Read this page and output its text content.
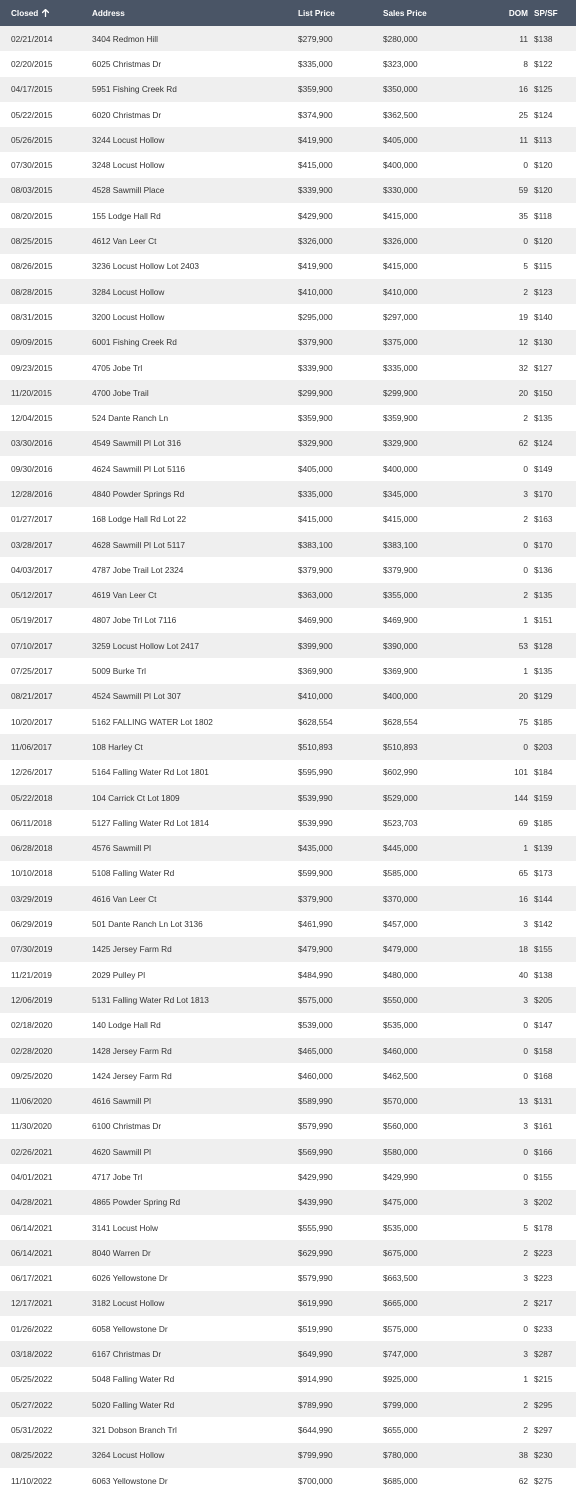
Closed	Address	List Price	Sales Price	DOM	SP/SF
02/21/2014	3404 Redmon Hill	$279,900	$280,000	11	$138
02/20/2015	6025 Christmas Dr	$335,000	$323,000	8	$122
04/17/2015	5951 Fishing Creek Rd	$359,900	$350,000	16	$125
05/22/2015	6020 Christmas Dr	$374,900	$362,500	25	$124
05/26/2015	3244 Locust Hollow	$419,900	$405,000	11	$113
07/30/2015	3248 Locust Hollow	$415,000	$400,000	0	$120
08/03/2015	4528 Sawmill Place	$339,900	$330,000	59	$120
08/20/2015	155 Lodge Hall Rd	$429,900	$415,000	35	$118
08/25/2015	4612 Van Leer Ct	$326,000	$326,000	0	$120
08/26/2015	3236 Locust Hollow Lot 2403	$419,900	$415,000	5	$115
08/28/2015	3284 Locust Hollow	$410,000	$410,000	2	$123
08/31/2015	3200 Locust Hollow	$295,000	$297,000	19	$140
09/09/2015	6001 Fishing Creek Rd	$379,900	$375,000	12	$130
09/23/2015	4705 Jobe Trl	$339,900	$335,000	32	$127
11/20/2015	4700 Jobe Trail	$299,900	$299,900	20	$150
12/04/2015	524 Dante Ranch Ln	$359,900	$359,900	2	$135
03/30/2016	4549 Sawmill Pl Lot 316	$329,900	$329,900	62	$124
09/30/2016	4624 Sawmill Pl Lot 5116	$405,000	$400,000	0	$149
12/28/2016	4840 Powder Springs Rd	$335,000	$345,000	3	$170
01/27/2017	168 Lodge Hall Rd Lot 22	$415,000	$415,000	2	$163
03/28/2017	4628 Sawmill Pl Lot 5117	$383,100	$383,100	0	$170
04/03/2017	4787 Jobe Trail Lot 2324	$379,900	$379,900	0	$136
05/12/2017	4619 Van Leer Ct	$363,000	$355,000	2	$135
05/19/2017	4807 Jobe Trl Lot 7116	$469,900	$469,900	1	$151
07/10/2017	3259 Locust Hollow Lot 2417	$399,900	$390,000	53	$128
07/25/2017	5009 Burke Trl	$369,900	$369,900	1	$135
08/21/2017	4524 Sawmill Pl Lot 307	$410,000	$400,000	20	$129
10/20/2017	5162 FALLING WATER Lot 1802	$628,554	$628,554	75	$185
11/06/2017	108 Harley Ct	$510,893	$510,893	0	$203
12/26/2017	5164 Falling Water Rd Lot 1801	$595,990	$602,990	101	$184
05/22/2018	104 Carrick Ct Lot 1809	$539,990	$529,000	144	$159
06/11/2018	5127 Falling Water Rd Lot 1814	$539,990	$523,703	69	$185
06/28/2018	4576 Sawmill Pl	$435,000	$445,000	1	$139
10/10/2018	5108 Falling Water Rd	$599,900	$585,000	65	$173
03/29/2019	4616 Van Leer Ct	$379,900	$370,000	16	$144
06/29/2019	501 Dante Ranch Ln Lot 3136	$461,990	$457,000	3	$142
07/30/2019	1425 Jersey Farm Rd	$479,900	$479,000	18	$155
11/21/2019	2029 Pulley Pl	$484,990	$480,000	40	$138
12/06/2019	5131 Falling Water Rd Lot 1813	$575,000	$550,000	3	$205
02/18/2020	140 Lodge Hall Rd	$539,000	$535,000	0	$147
02/28/2020	1428 Jersey Farm Rd	$465,000	$460,000	0	$158
09/25/2020	1424 Jersey Farm Rd	$460,000	$462,500	0	$168
11/06/2020	4616 Sawmill Pl	$589,990	$570,000	13	$131
11/30/2020	6100 Christmas Dr	$579,990	$560,000	3	$161
02/26/2021	4620 Sawmill Pl	$569,990	$580,000	0	$166
04/01/2021	4717 Jobe Trl	$429,990	$429,990	0	$155
04/28/2021	4865 Powder Spring Rd	$439,990	$475,000	3	$202
06/14/2021	3141 Locust Holw	$555,990	$535,000	5	$178
06/14/2021	8040 Warren Dr	$629,990	$675,000	2	$223
06/17/2021	6026 Yellowstone Dr	$579,990	$663,500	3	$223
12/17/2021	3182 Locust Hollow	$619,990	$665,000	2	$217
01/26/2022	6058 Yellowstone Dr	$519,990	$575,000	0	$233
03/18/2022	6167 Christmas Dr	$649,990	$747,000	3	$287
05/25/2022	5048 Falling Water Rd	$914,990	$925,000	1	$215
05/27/2022	5020 Falling Water Rd	$789,990	$799,000	2	$295
05/31/2022	321 Dobson Branch Trl	$644,990	$655,000	2	$297
08/25/2022	3264 Locust Hollow	$799,990	$780,000	38	$230
11/10/2022	6063 Yellowstone Dr	$700,000	$685,000	62	$275
